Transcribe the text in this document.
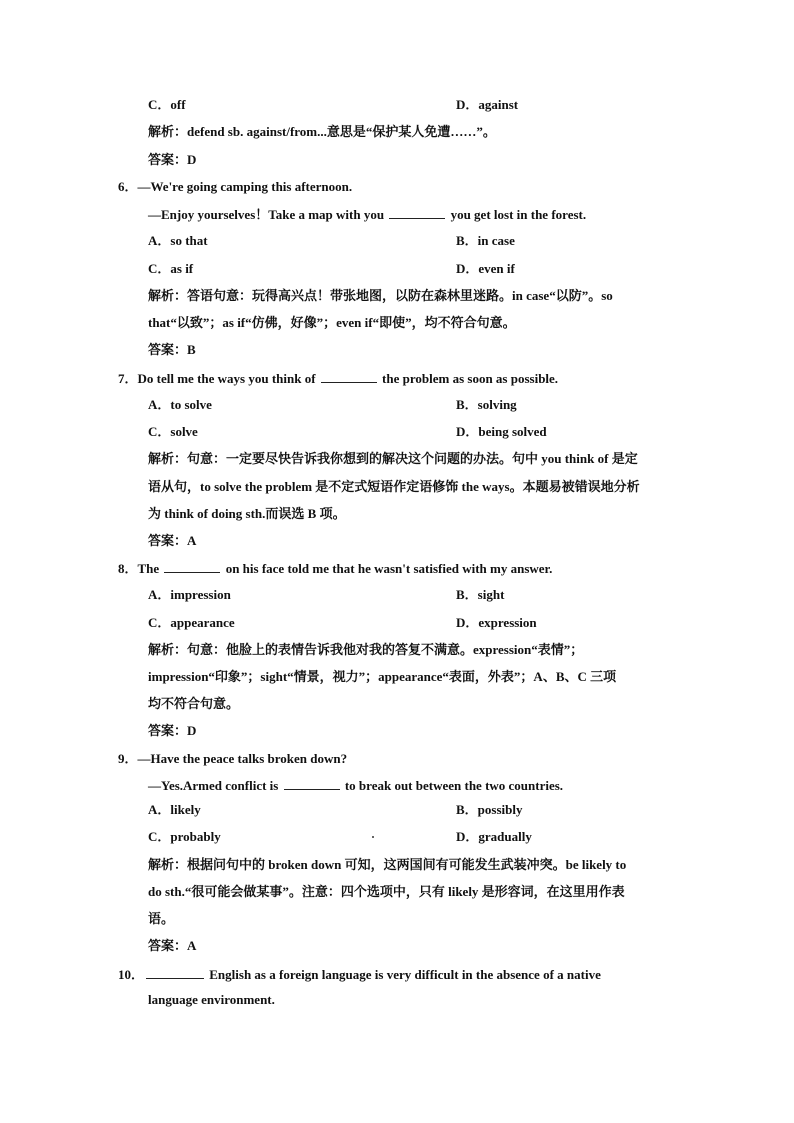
C．off	D．against
解析：defend sb. against/from...意思是“保护某人免遭……”。
答案：D
6．—We're going camping this afternoon.
—Enjoy yourselves！Take a map with you	you get lost in the forest.
A．so that	B．in case
C．as if	D．even if
解析：答语句意：玩得高兴点！带张地图，以防在森林里迷路。in case“以防”。so
that“以致”；as if“仿佛，好像”；even if“即使”，均不符合句意。
答案：B
7．Do tell me the ways you think of	the problem as soon as possible.
A．to solve	B．solving
C．solve	D．being solved
解析：句意：一定要尽快告诉我你想到的解决这个问题的办法。句中 you think of 是定
语从句，to solve the problem 是不定式短语作定语修饰 the ways。本题易被错误地分析
为 think of doing sth.而误选 B 项。
答案：A
8．The	on his face told me that he wasn't satisfied with my answer.
A．impression	B．sight
C．appearance	D．expression
解析：句意：他脸上的表情告诉我他对我的答复不满意。expression“表情”；
impression“印象”；sight“情景，视力”；appearance“表面，外表”；A、B、C 三项
均不符合句意。
答案：D
9．—Have the peace talks broken down?
—Yes.Armed conflict is	to break out between the two countries.
A．likely	B．possibly
C．probably	D．gradually
解析：根据问句中的 broken down 可知，这两国间有可能发生武装冲突。be likely to
do sth.“很可能会做某事”。注意：四个选项中，只有 likely 是形容词，在这里用作表
语。
答案：A
10．	English as a foreign language is very difficult in the absence of a native
language environment.
